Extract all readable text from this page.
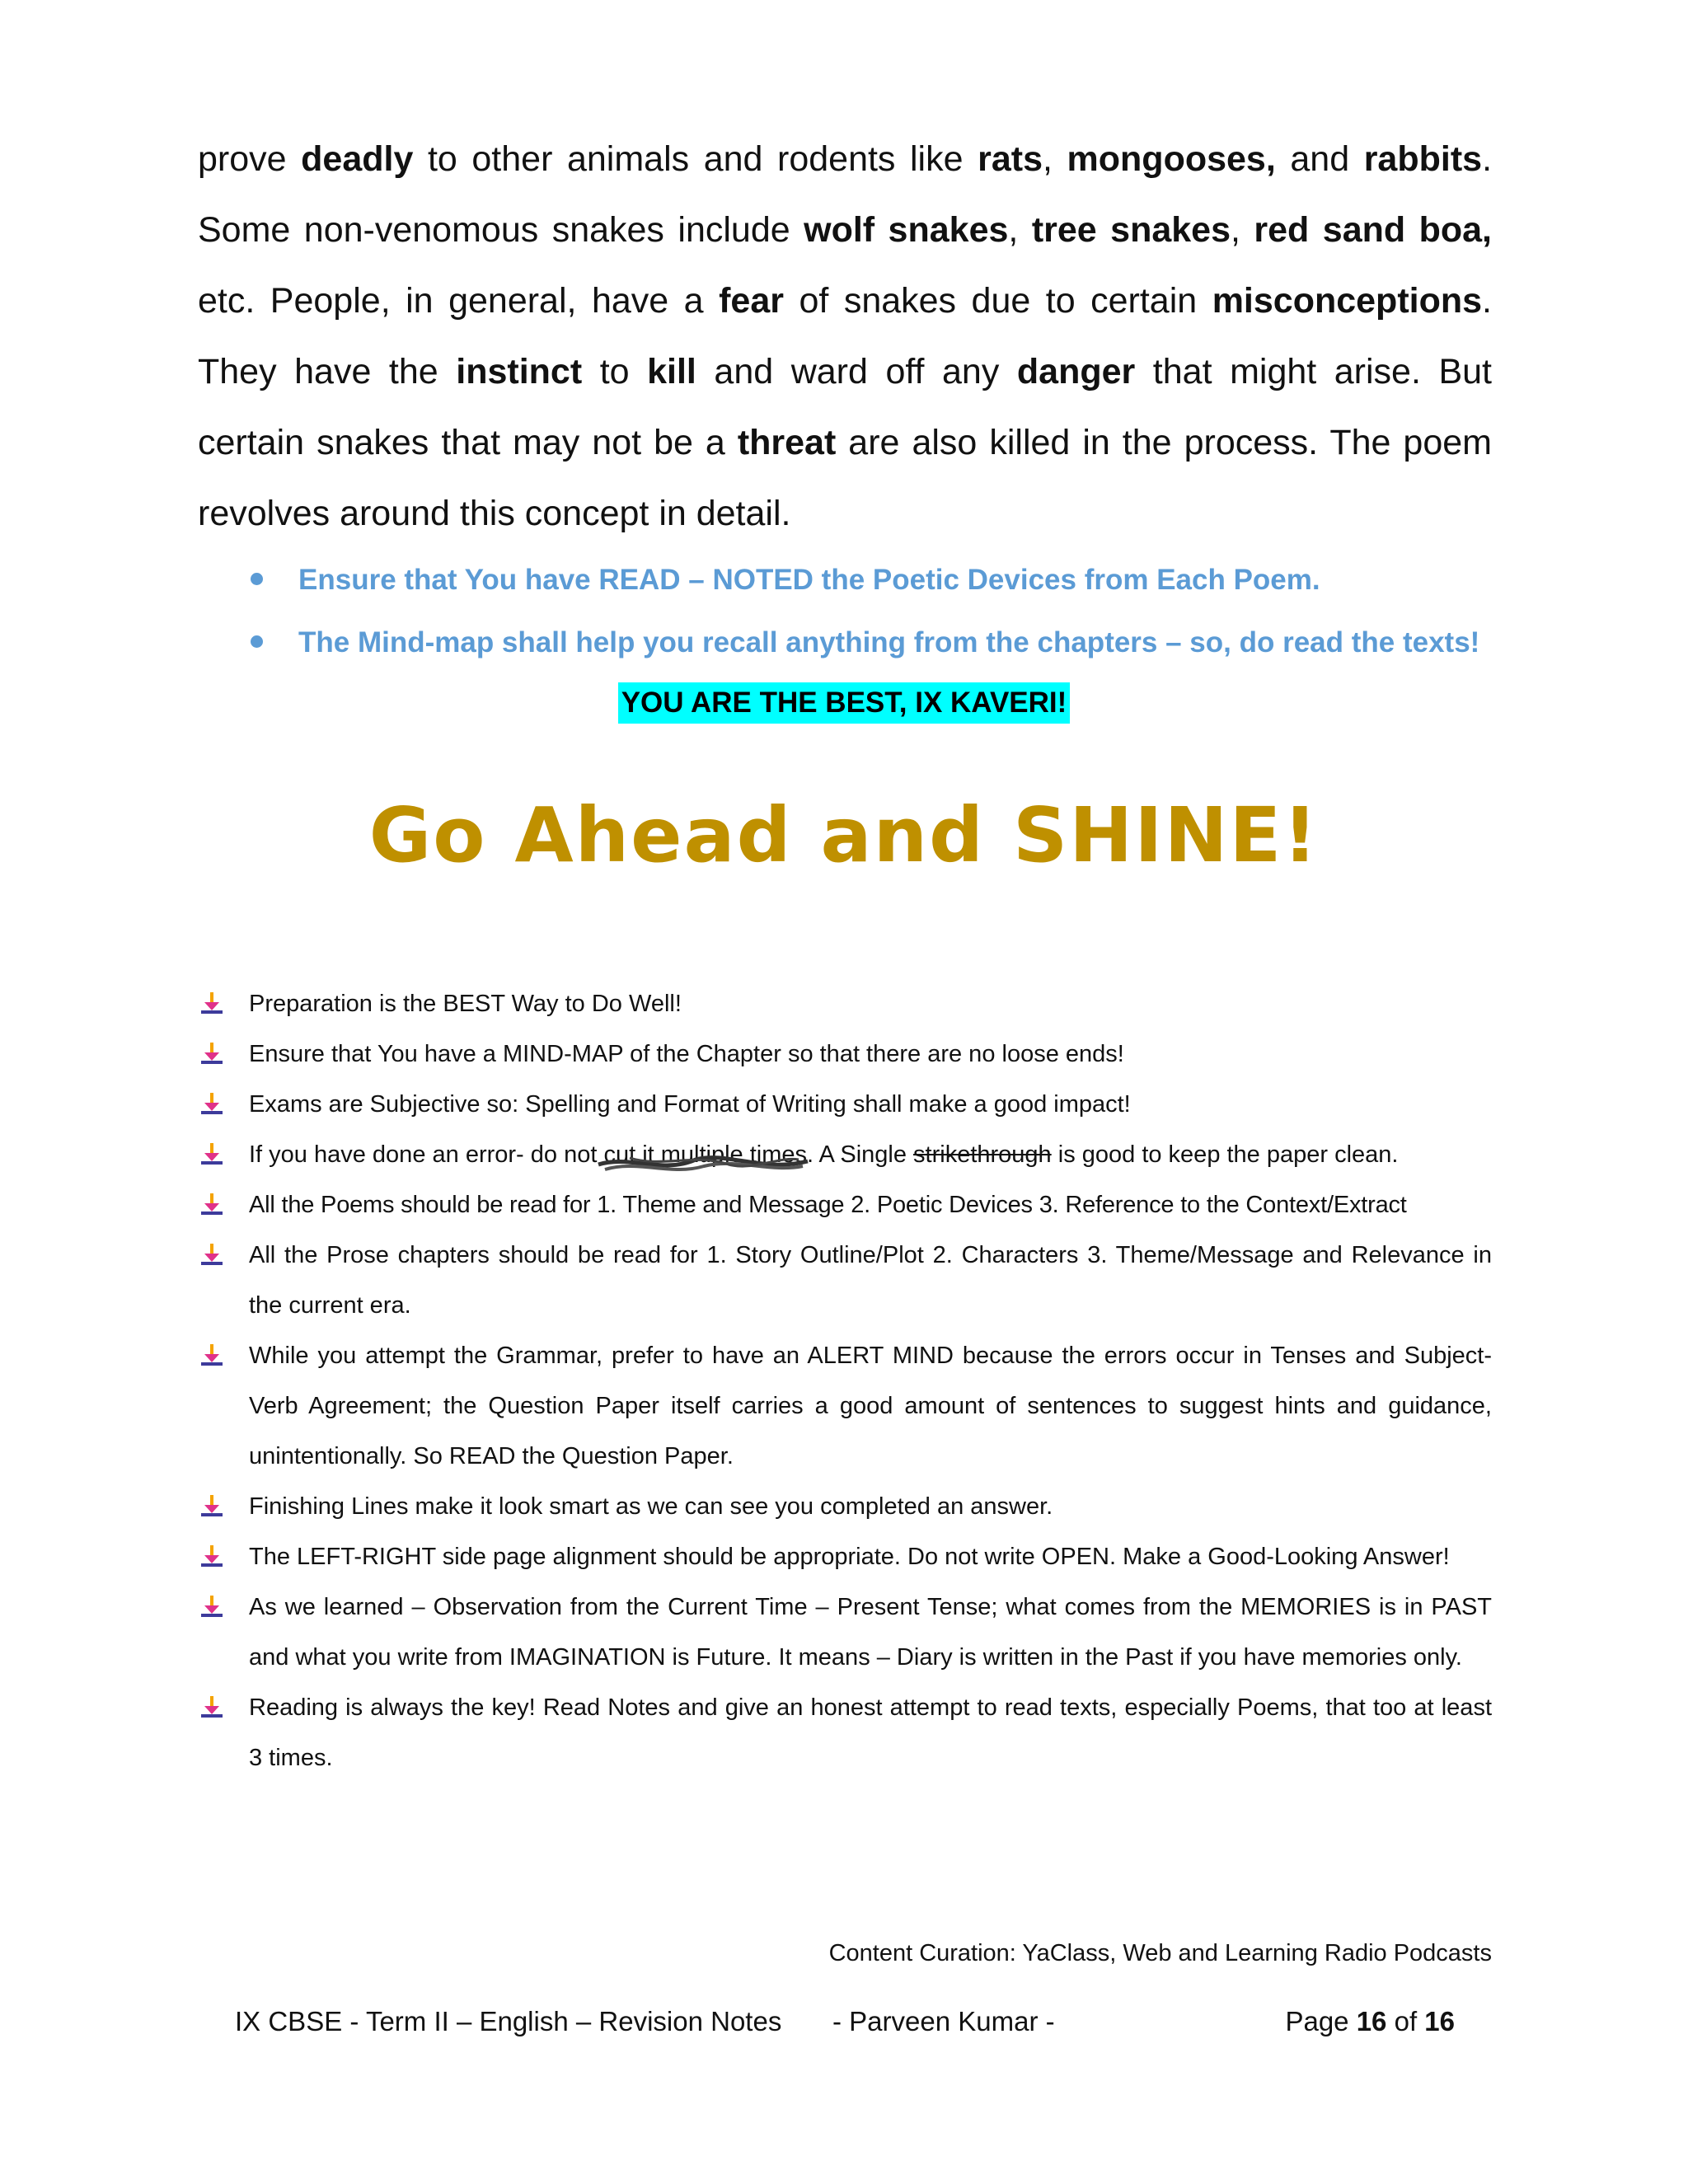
prove deadly to other animals and rodents like rats, mongooses, and rabbits. Some non-venomous snakes include wolf snakes, tree snakes, red sand boa, etc. People, in general, have a fear of snakes due to certain misconceptions. They have the instinct to kill and ward off any danger that might arise. But certain snakes that may not be a threat are also killed in the process. The poem revolves around this concept in detail.

Ensure that You have READ – NOTED the Poetic Devices from Each Poem.
The Mind-map shall help you recall anything from the chapters – so, do read the texts!
YOU ARE THE BEST, IX KAVERI!
Go Ahead and SHINE!
Preparation is the BEST Way to Do Well!
Ensure that You have a MIND-MAP of the Chapter so that there are no loose ends!
Exams are Subjective so: Spelling and Format of Writing shall make a good impact!
If you have done an error- do not
cut it multiple times. A Single strikethrough is good to keep the paper clean.
All the Poems should be read for 1. Theme and Message 2. Poetic Devices 3. Reference to the Context/Extract
All the Prose chapters should be read for 1. Story Outline/Plot 2. Characters 3. Theme/Message and Relevance in the current era.
While you attempt the Grammar, prefer to have an ALERT MIND because the errors occur in Tenses and Subject-Verb Agreement; the Question Paper itself carries a good amount of sentences to suggest hints and guidance, unintentionally. So READ the Question Paper.
Finishing Lines make it look smart as we can see you completed an answer.
The LEFT-RIGHT side page alignment should be appropriate. Do not write OPEN. Make a Good-Looking Answer!
As we learned – Observation from the Current Time – Present Tense; what comes from the MEMORIES is in PAST and what you write from IMAGINATION is Future. It means – Diary is written in the Past if you have memories only.
Reading is always the key! Read Notes and give an honest attempt to read texts, especially Poems, that too at least 3 times.

Content Curation: YaClass, Web and Learning Radio Podcasts

IX CBSE - Term II – English – Revision Notes - Parveen Kumar -	Page 16 of 16
